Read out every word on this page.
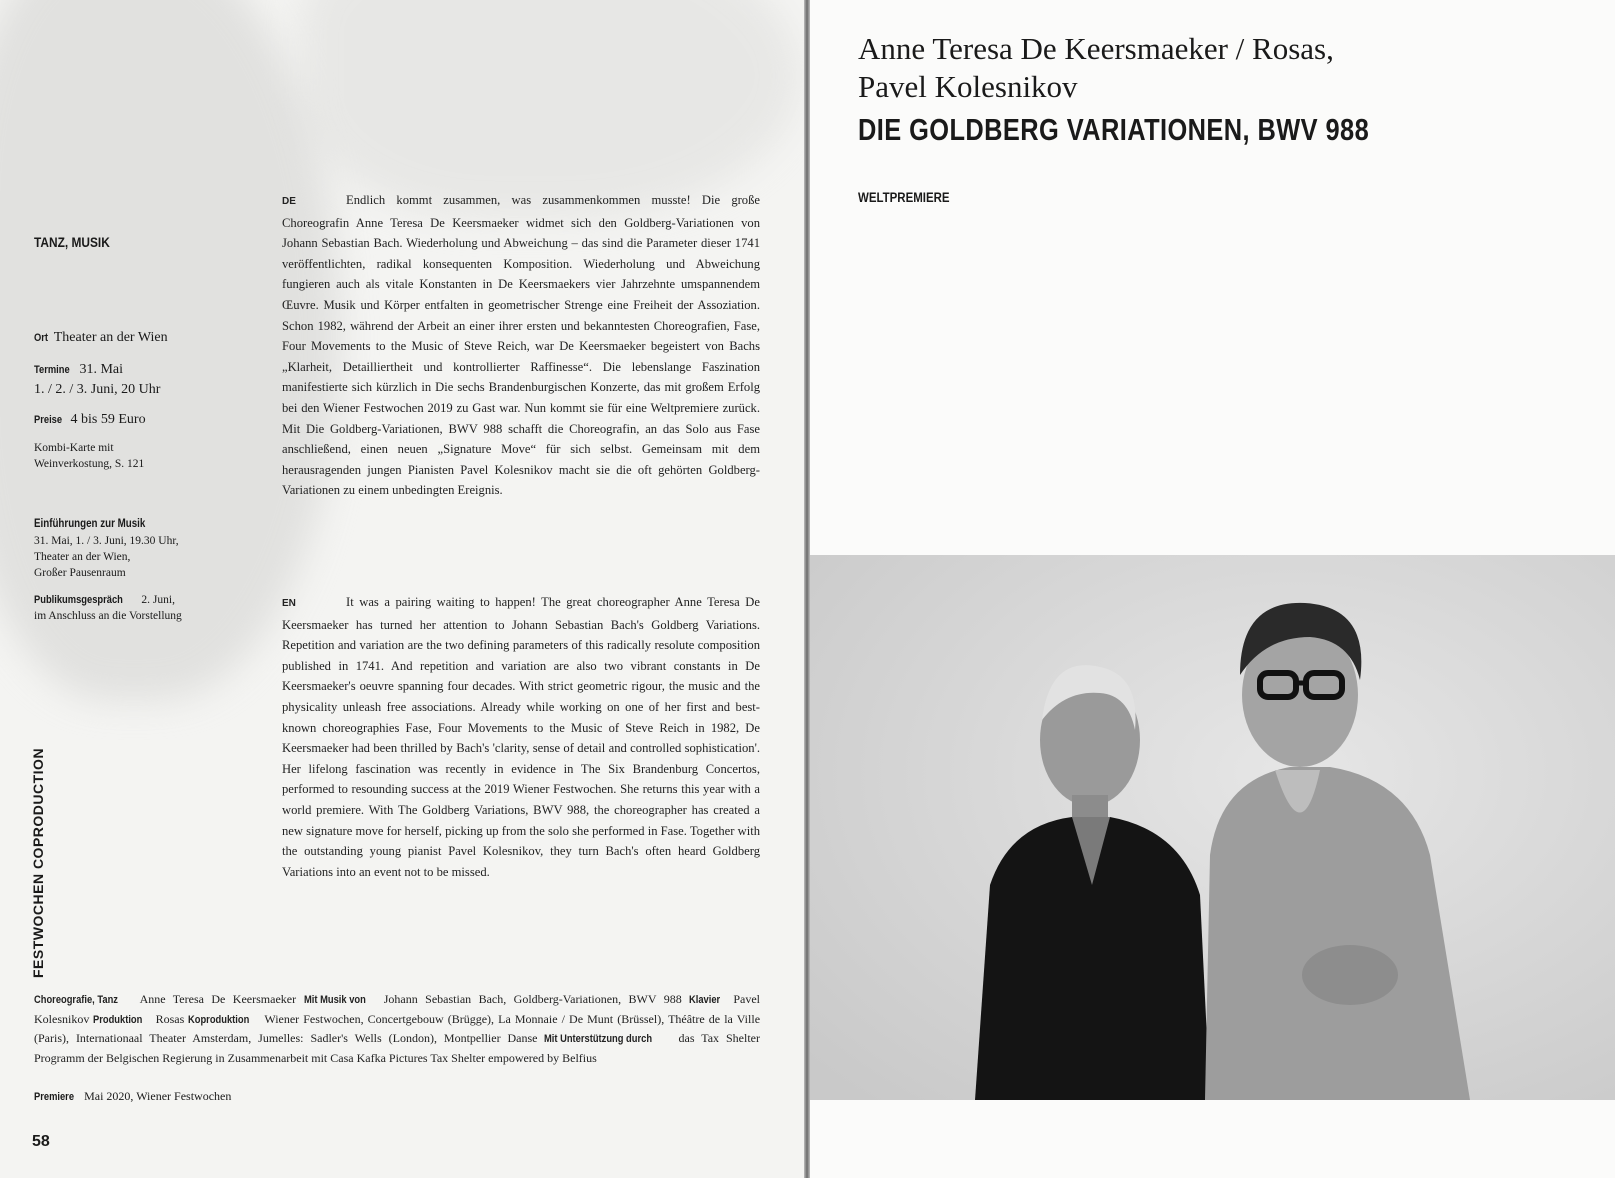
TANZ, MUSIK
Ort Theater an der Wien
Termine 31. Mai
1. / 2. / 3. Juni, 20 Uhr
Preise 4 bis 59 Euro
Kombi-Karte mit
Weinverkostung, S. 121
Einführungen zur Musik
31. Mai, 1. / 3. Juni, 19.30 Uhr,
Theater an der Wien,
Großer Pausenraum
Publikumsgespräch 2. Juni,
im Anschluss an die Vorstellung
FESTWOCHEN COPRODUCTION
DE	Endlich kommt zusammen, was zusammenkommen musste! Die große Choreografin Anne Teresa De Keersmaeker widmet sich den Goldberg-Variationen von Johann Sebastian Bach. Wiederholung und Abweichung – das sind die Parameter dieser 1741 veröffentlichten, radikal konsequenten Komposition. Wiederholung und Abweichung fungieren auch als vitale Konstanten in De Keersmaekers vier Jahrzehnte umspannendem Œuvre. Musik und Körper entfalten in geometrischer Strenge eine Freiheit der Assoziation. Schon 1982, während der Arbeit an einer ihrer ersten und bekanntesten Choreografien, Fase, Four Movements to the Music of Steve Reich, war De Keersmaeker begeistert von Bachs „Klarheit, Detailliertheit und kontrollierter Raffinesse“. Die lebenslange Faszination manifestierte sich kürzlich in Die sechs Brandenburgischen Konzerte, das mit großem Erfolg bei den Wiener Festwochen 2019 zu Gast war. Nun kommt sie für eine Weltpremiere zurück. Mit Die Goldberg-Variationen, BWV 988 schafft die Choreografin, an das Solo aus Fase anschließend, einen neuen „Signature Move“ für sich selbst. Gemeinsam mit dem herausragenden jungen Pianisten Pavel Kolesnikov macht sie die oft gehörten Goldberg-Variationen zu einem unbedingten Ereignis.
EN	It was a pairing waiting to happen! The great choreographer Anne Teresa De Keersmaeker has turned her attention to Johann Sebastian Bach's Goldberg Variations. Repetition and variation are the two defining parameters of this radically resolute composition published in 1741. And repetition and variation are also two vibrant constants in De Keersmaeker's oeuvre spanning four decades. With strict geometric rigour, the music and the physicality unleash free associations. Already while working on one of her first and best-known choreographies Fase, Four Movements to the Music of Steve Reich in 1982, De Keersmaeker had been thrilled by Bach's 'clarity, sense of detail and controlled sophistication'. Her lifelong fascination was recently in evidence in The Six Brandenburg Concertos, performed to resounding success at the 2019 Wiener Festwochen. She returns this year with a world premiere. With The Goldberg Variations, BWV 988, the choreographer has created a new signature move for herself, picking up from the solo she performed in Fase. Together with the outstanding young pianist Pavel Kolesnikov, they turn Bach's often heard Goldberg Variations into an event not to be missed.
Choreografie, Tanz Anne Teresa De Keersmaeker Mit Musik von Johann Sebastian Bach, Goldberg-Variationen, BWV 988 Klavier Pavel Kolesnikov Produktion Rosas Koproduktion Wiener Festwochen, Concertgebouw (Brügge), La Monnaie / De Munt (Brüssel), Théâtre de la Ville (Paris), Internationaal Theater Amsterdam, Jumelles: Sadler's Wells (London), Montpellier Danse Mit Unterstützung durch das Tax Shelter Programm der Belgischen Regierung in Zusammenarbeit mit Casa Kafka Pictures Tax Shelter empowered by Belfius
Premiere Mai 2020, Wiener Festwochen
58
Anne Teresa De Keersmaeker / Rosas,
Pavel Kolesnikov
DIE GOLDBERG VARIATIONEN, BWV 988
WELTPREMIERE
